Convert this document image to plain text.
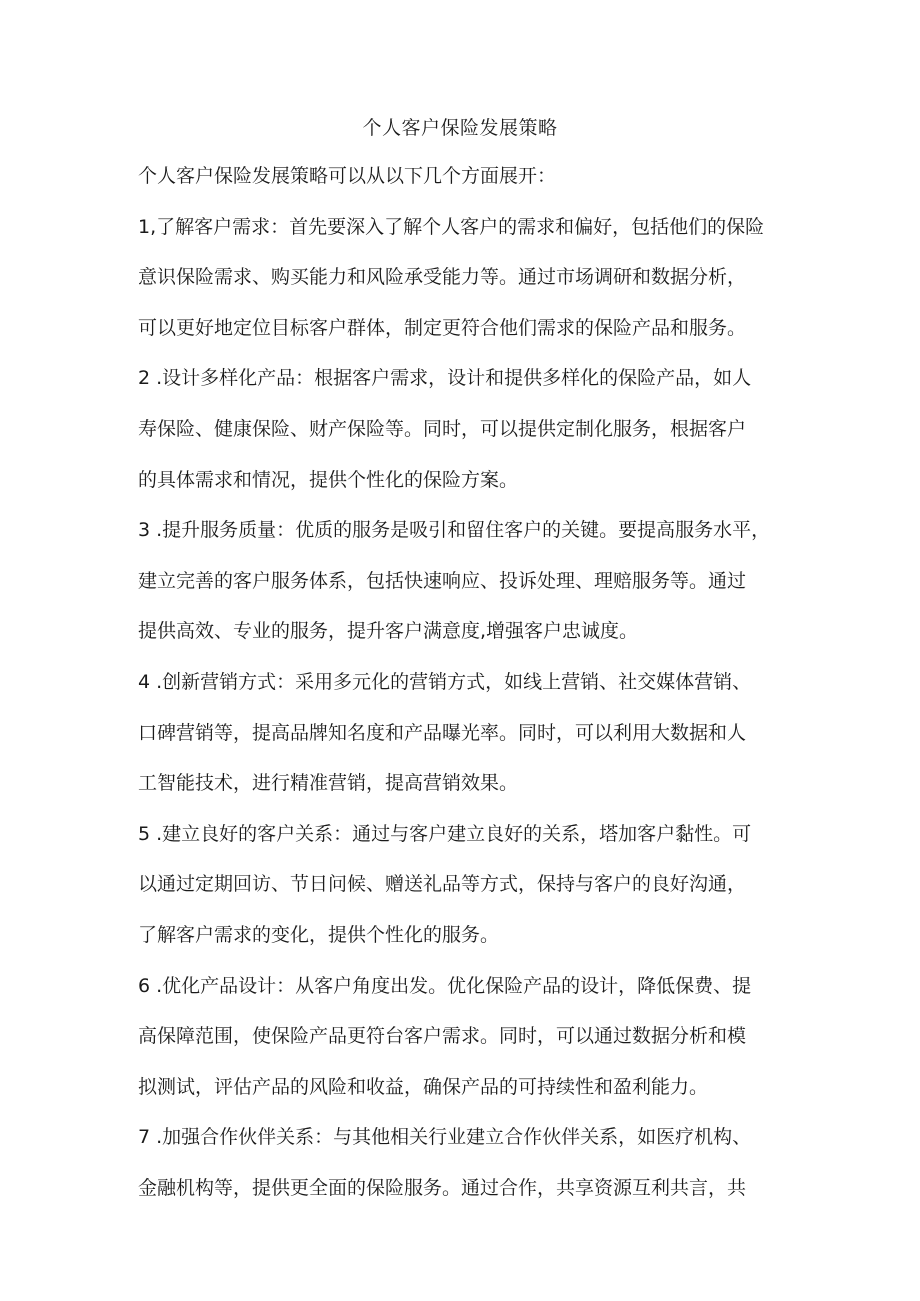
个人客户保险发展策略
个人客户保险发展策略可以从以下几个方面展开：
1,了解客户需求：首先要深入了解个人客户的需求和偏好，包括他们的保险
意识保险需求、购买能力和风险承受能力等。通过市场调研和数据分析，
可以更好地定位目标客户群体，制定更符合他们需求的保险产品和服务。
2 .设计多样化产品：根据客户需求，设计和提供多样化的保险产品，如人
寿保险、健康保险、财产保险等。同时，可以提供定制化服务，根据客户
的具体需求和情况，提供个性化的保险方案。
3 .提升服务质量：优质的服务是吸引和留住客户的关键。要提高服务水平，
建立完善的客户服务体系，包括快速响应、投诉处理、理赔服务等。通过
提供高效、专业的服务，提升客户满意度,增强客户忠诚度。
4 .创新营销方式：采用多元化的营销方式，如线上营销、社交媒体营销、
口碑营销等，提高品牌知名度和产品曝光率。同时，可以利用大数据和人
工智能技术，进行精准营销，提高营销效果。
5 .建立良好的客户关系：通过与客户建立良好的关系，塔加客户黏性。可
以通过定期回访、节日问候、赠送礼品等方式，保持与客户的良好沟通，
了解客户需求的变化，提供个性化的服务。
6 .优化产品设计：从客户角度出发。优化保险产品的设计，降低保费、提
高保障范围，使保险产品更符台客户需求。同时，可以通过数据分析和模
拟测试，评估产品的风险和收益，确保产品的可持续性和盈利能力。
7 .加强合作伙伴关系：与其他相关行业建立合作伙伴关系，如医疗机构、
金融机构等，提供更全面的保险服务。通过合作，共享资源互利共言，共
